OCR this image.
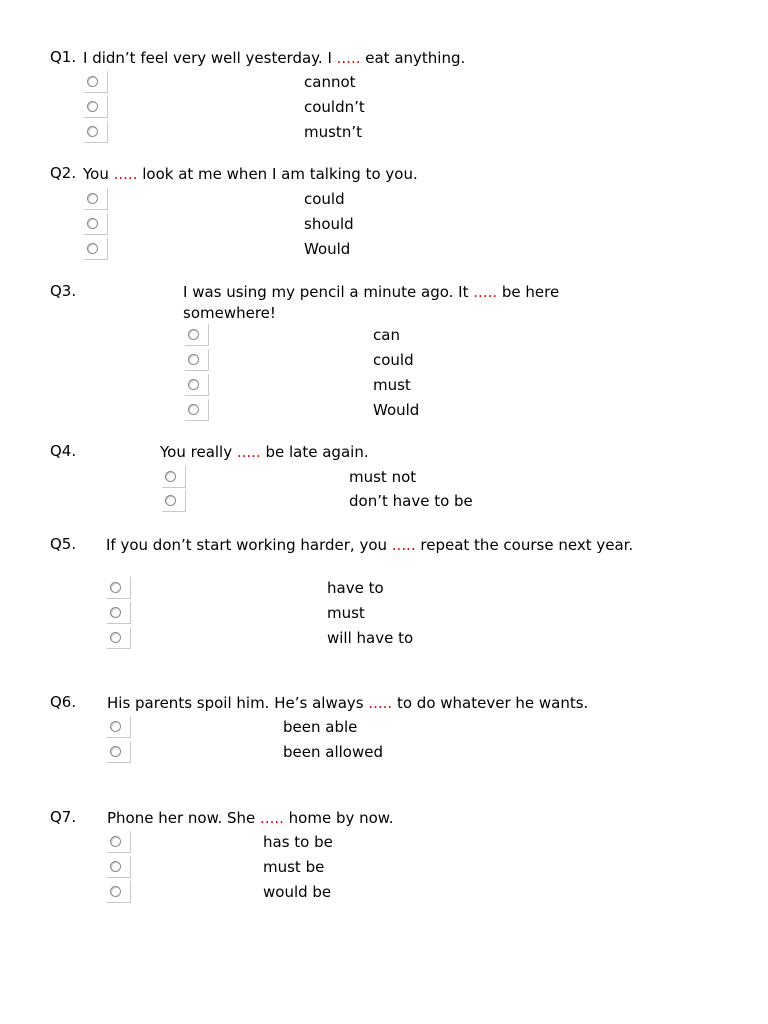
Q1. I didn’t feel very well yesterday. I ..... eat anything.
cannot
couldn’t
mustn’t
Q2. You ..... look at me when I am talking to you.
could
should
Would
Q3.	I was using my pencil a minute ago. It ..... be here somewhere!
can
could
must
Would
Q4.	You really ..... be late again.
must not
don’t have to be
Q5. If you don’t start working harder, you ..... repeat the course next year.
have to
must
will have to
Q6. His parents spoil him. He’s always ..... to do whatever he wants.
been able
been allowed
Q7. Phone her now. She ..... home by now.
has to be
must be
would be
